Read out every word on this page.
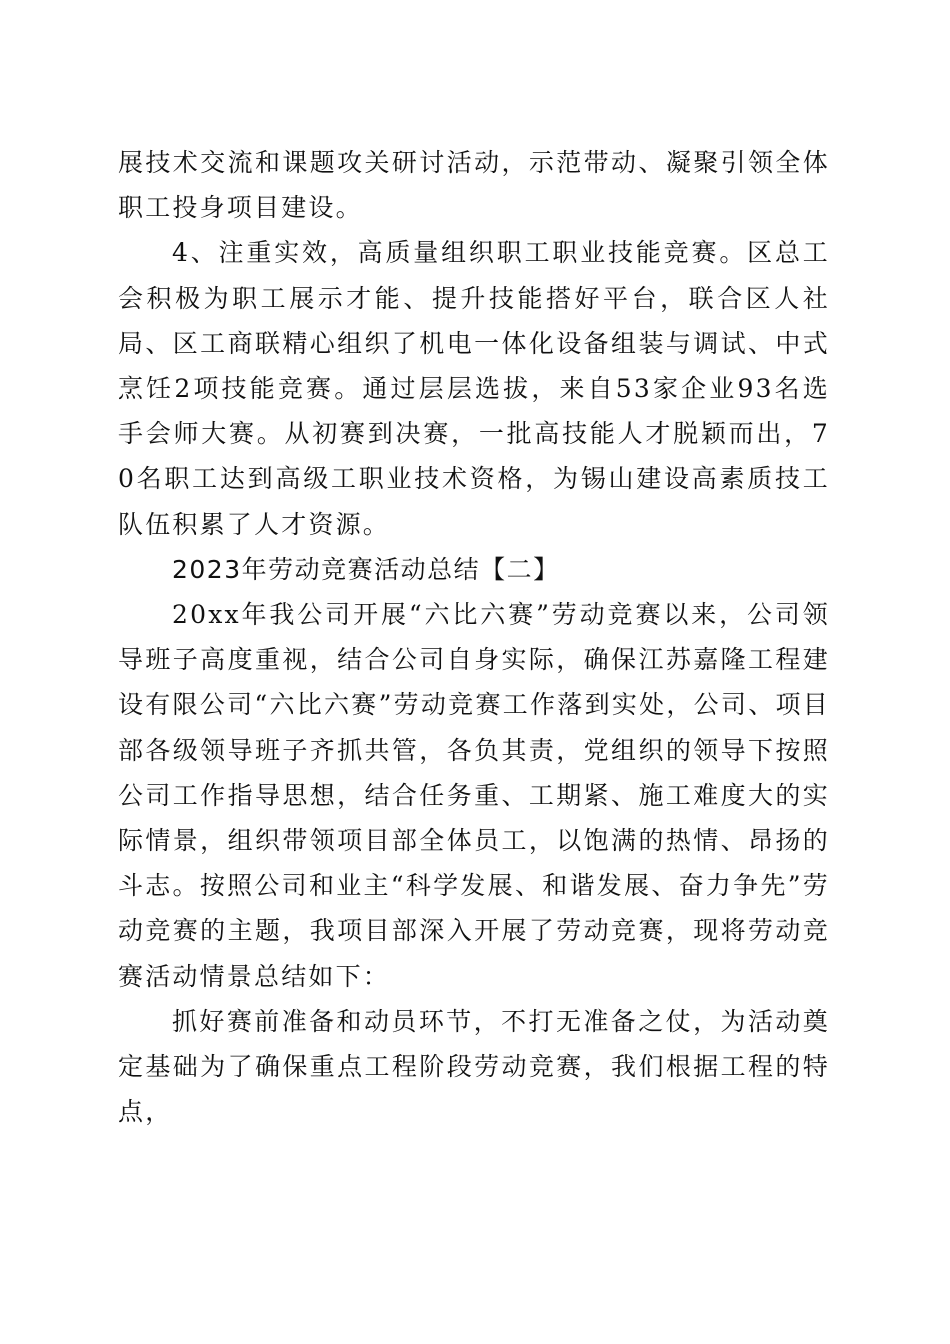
展技术交流和课题攻关研讨活动，示范带动、凝聚引领全体职工投身项目建设。

4、注重实效，高质量组织职工职业技能竞赛。区总工会积极为职工展示才能、提升技能搭好平台，联合区人社局、区工商联精心组织了机电一体化设备组装与调试、中式烹饪2项技能竞赛。通过层层选拔，来自53家企业93名选手会师大赛。从初赛到决赛，一批高技能人才脱颖而出，70名职工达到高级工职业技术资格，为锡山建设高素质技工队伍积累了人才资源。

2023年劳动竞赛活动总结【二】

20xx年我公司开展“六比六赛”劳动竞赛以来，公司领导班子高度重视，结合公司自身实际，确保江苏嘉隆工程建设有限公司“六比六赛”劳动竞赛工作落到实处，公司、项目部各级领导班子齐抓共管，各负其责，党组织的领导下按照公司工作指导思想，结合任务重、工期紧、施工难度大的实际情景，组织带领项目部全体员工，以饱满的热情、昂扬的斗志。按照公司和业主“科学发展、和谐发展、奋力争先”劳动竞赛的主题，我项目部深入开展了劳动竞赛，现将劳动竞赛活动情景总结如下：

抓好赛前准备和动员环节，不打无准备之仗，为活动奠定基础为了确保重点工程阶段劳动竞赛，我们根据工程的特点，
